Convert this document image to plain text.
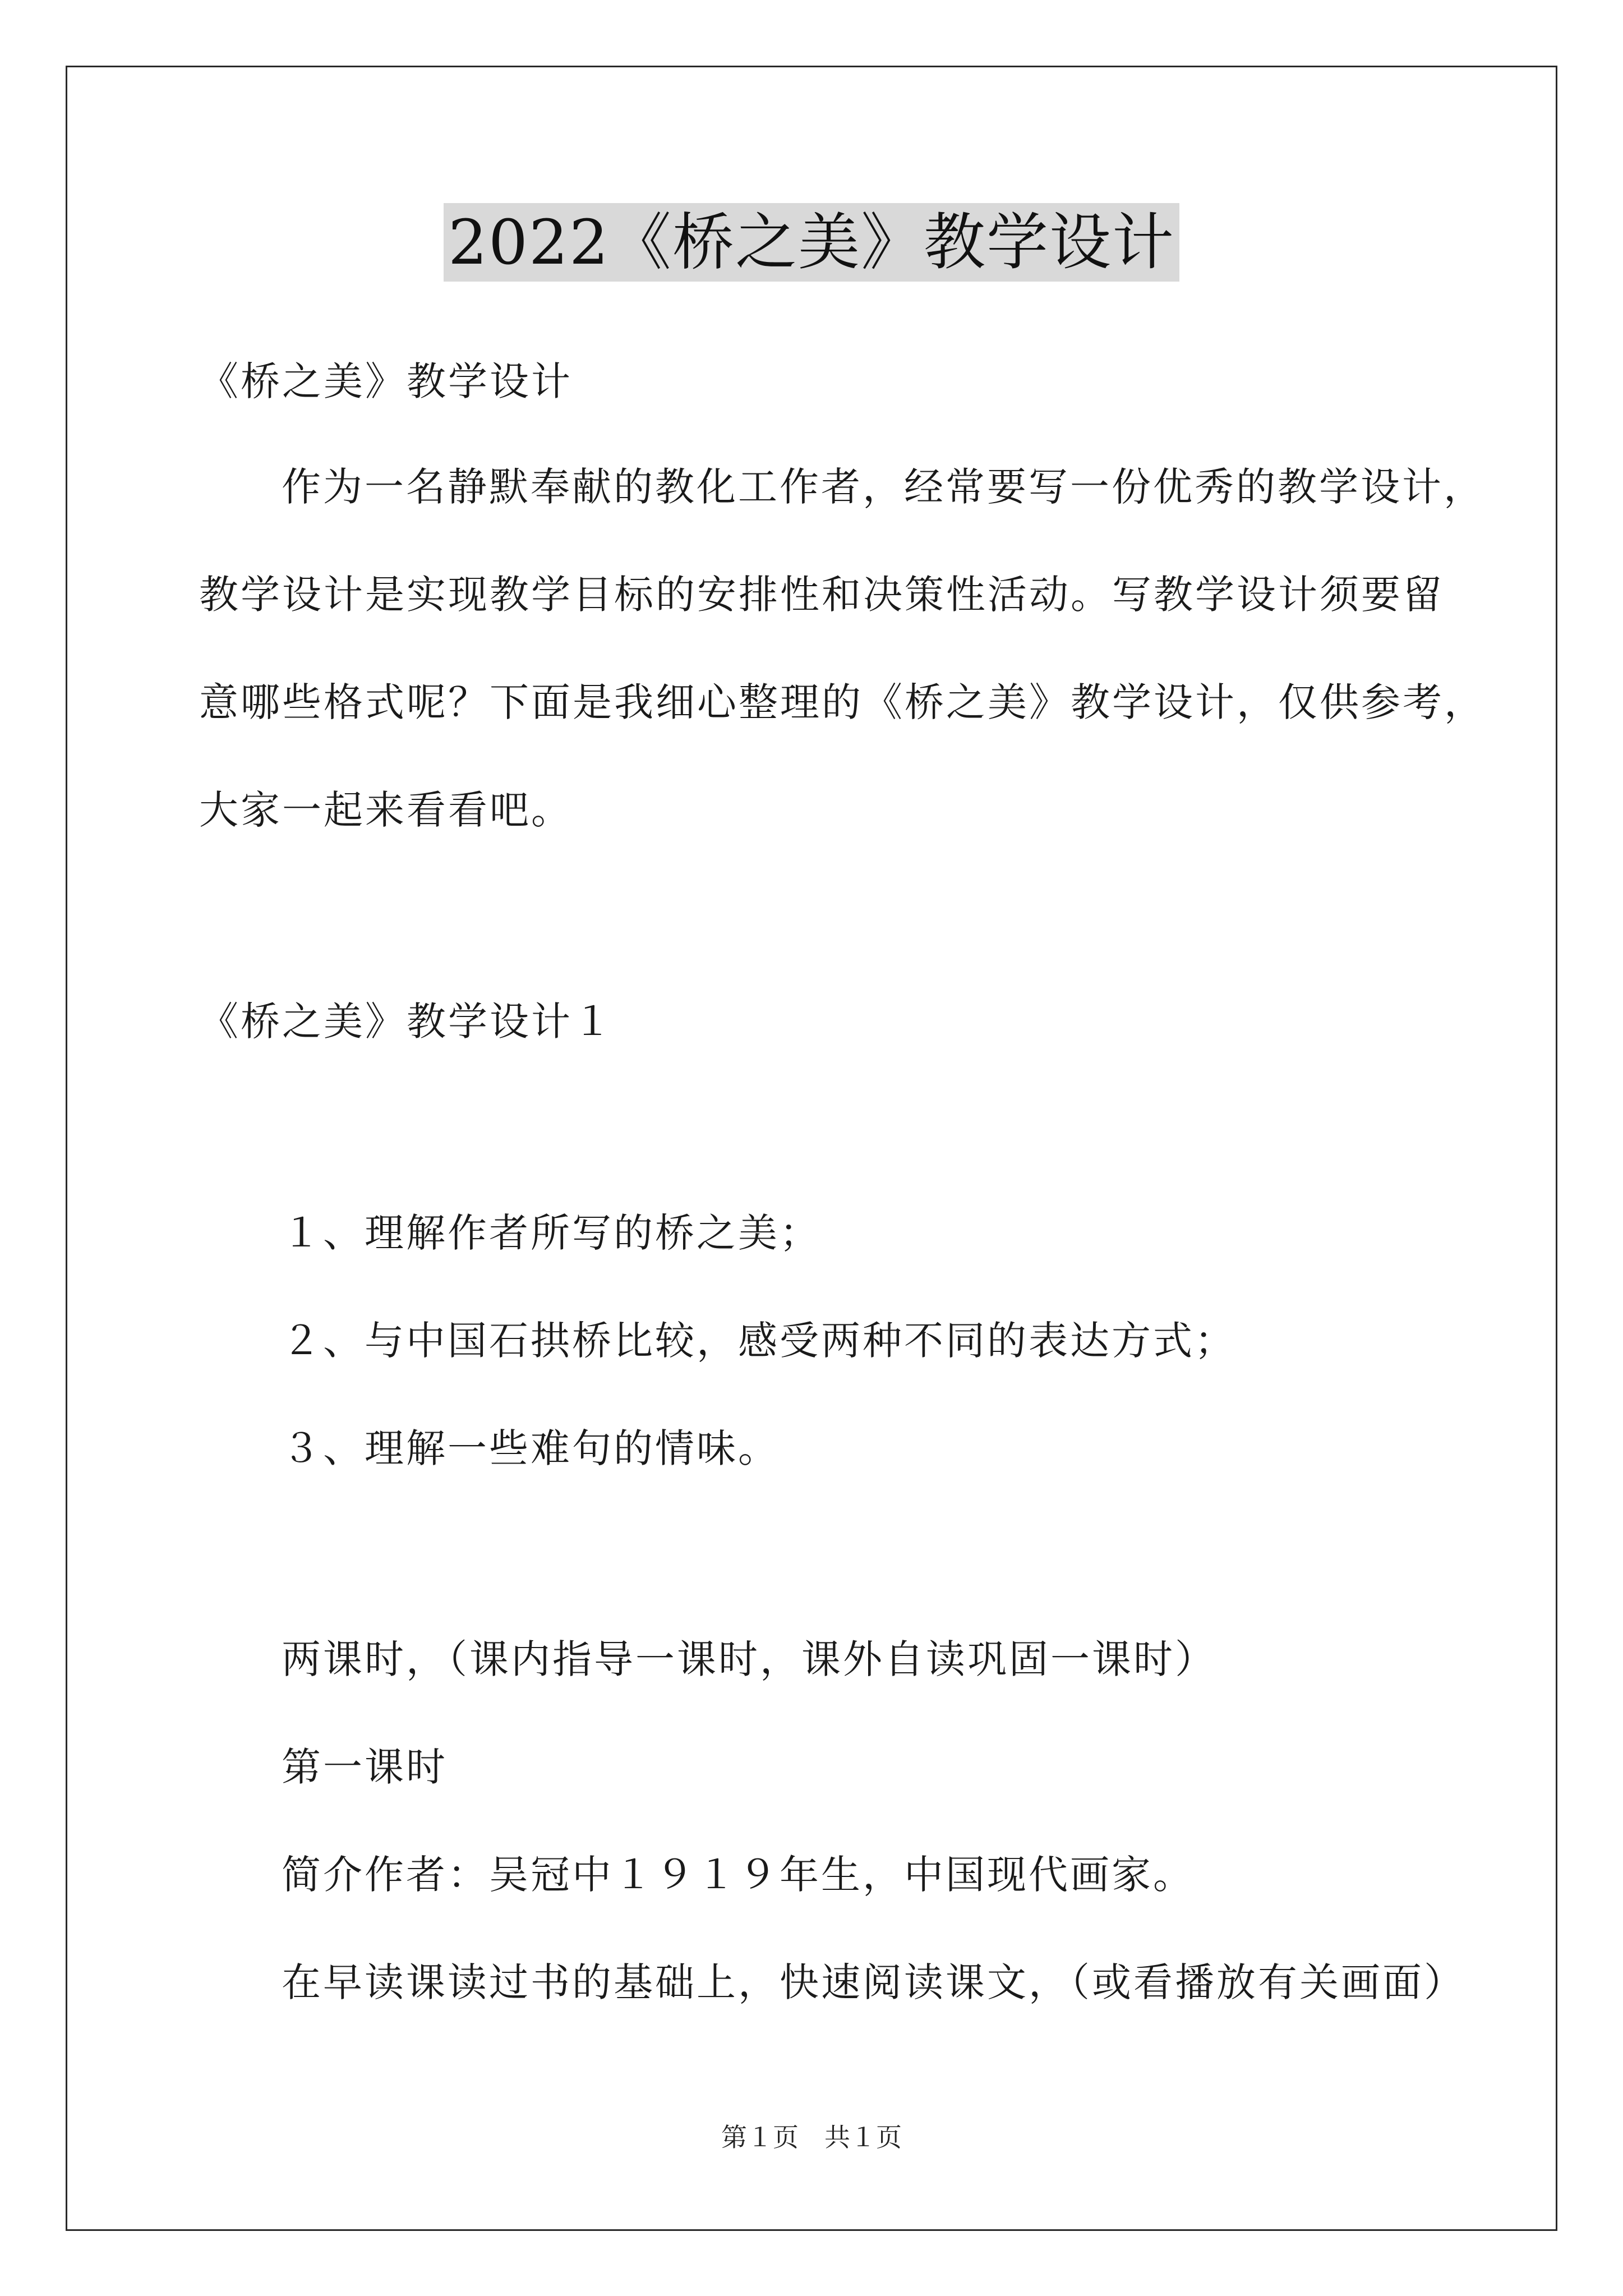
2022《桥之美》教学设计
《桥之美》教学设计
作为一名静默奉献的教化工作者，经常要写一份优秀的教学设计，
教学设计是实现教学目标的安排性和决策性活动。写教学设计须要留
意哪些格式呢？下面是我细心整理的《桥之美》教学设计，仅供参考，
大家一起来看看吧。
《桥之美》教学设计１
１、理解作者所写的桥之美；
２、与中国石拱桥比较，感受两种不同的表达方式；
３、理解一些难句的情味。
两课时，（课内指导一课时，课外自读巩固一课时）
第一课时
简介作者：吴冠中１９１９年生，中国现代画家。
在早读课读过书的基础上，快速阅读课文，（或看播放有关画面）
第１页　共１页
